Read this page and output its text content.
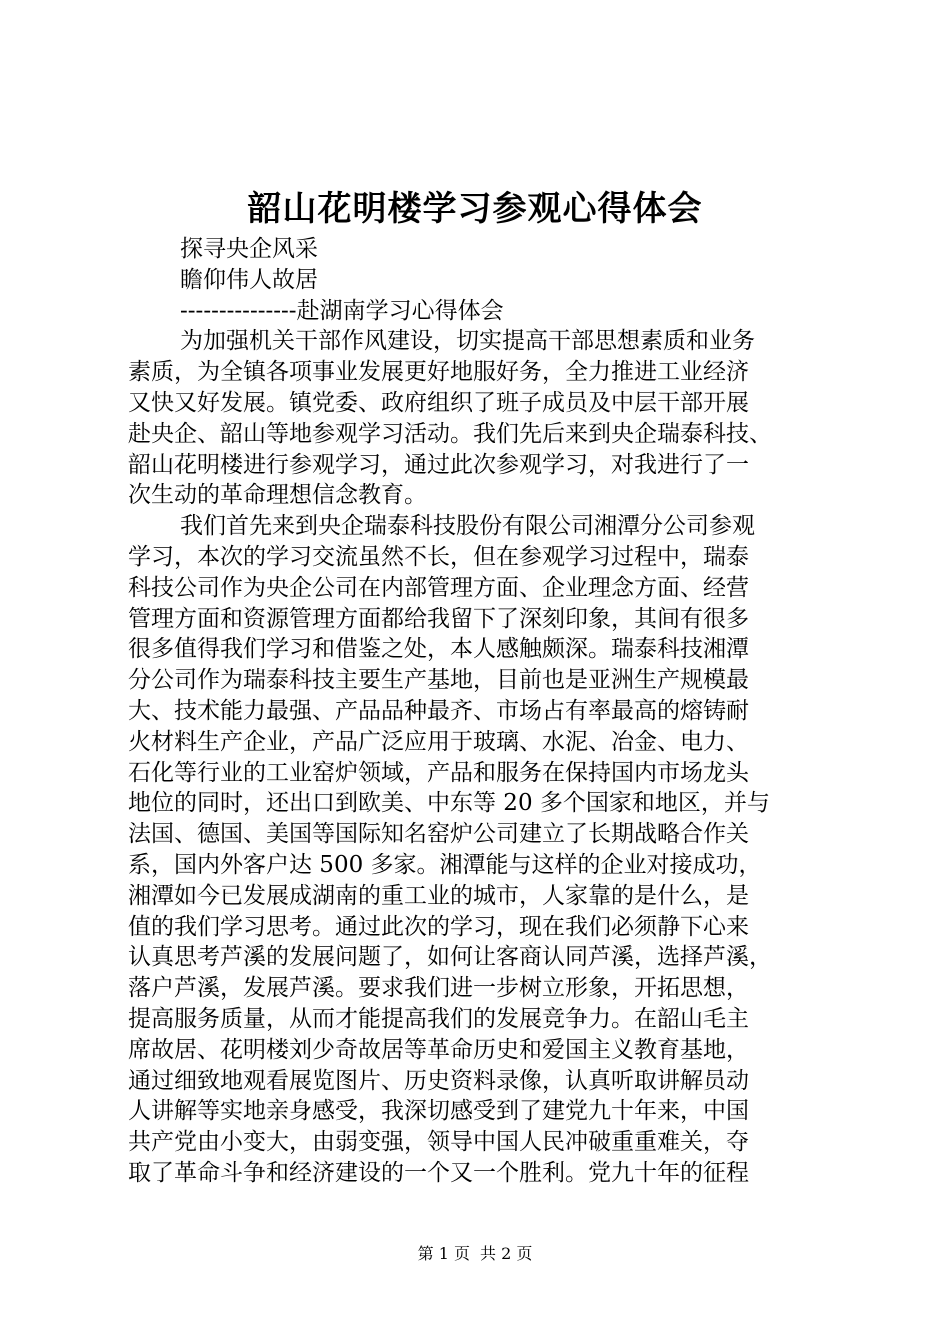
韶山花明楼学习参观心得体会
探寻央企风采
瞻仰伟人故居
---------------赴湖南学习心得体会
为加强机关干部作风建设，切实提高干部思想素质和业务
素质，为全镇各项事业发展更好地服好务，全力推进工业经济
又快又好发展。镇党委、政府组织了班子成员及中层干部开展
赴央企、韶山等地参观学习活动。我们先后来到央企瑞泰科技、
韶山花明楼进行参观学习，通过此次参观学习，对我进行了一
次生动的革命理想信念教育。
我们首先来到央企瑞泰科技股份有限公司湘潭分公司参观
学习，本次的学习交流虽然不长，但在参观学习过程中，瑞泰
科技公司作为央企公司在内部管理方面、企业理念方面、经营
管理方面和资源管理方面都给我留下了深刻印象，其间有很多
很多值得我们学习和借鉴之处，本人感触颇深。瑞泰科技湘潭
分公司作为瑞泰科技主要生产基地，目前也是亚洲生产规模最
大、技术能力最强、产品品种最齐、市场占有率最高的熔铸耐
火材料生产企业，产品广泛应用于玻璃、水泥、冶金、电力、
石化等行业的工业窑炉领域，产品和服务在保持国内市场龙头
地位的同时，还出口到欧美、中东等 20 多个国家和地区，并与
法国、德国、美国等国际知名窑炉公司建立了长期战略合作关
系，国内外客户达 500 多家。湘潭能与这样的企业对接成功，
湘潭如今已发展成湖南的重工业的城市，人家靠的是什么，是
值的我们学习思考。通过此次的学习，现在我们必须静下心来
认真思考芦溪的发展问题了，如何让客商认同芦溪，选择芦溪，
落户芦溪，发展芦溪。要求我们进一步树立形象，开拓思想，
提高服务质量，从而才能提高我们的发展竞争力。在韶山毛主
席故居、花明楼刘少奇故居等革命历史和爱国主义教育基地，
通过细致地观看展览图片、历史资料录像，认真听取讲解员动
人讲解等实地亲身感受，我深切感受到了建党九十年来，中国
共产党由小变大，由弱变强，领导中国人民冲破重重难关，夺
取了革命斗争和经济建设的一个又一个胜利。党九十年的征程
第 1 页 共 2 页
